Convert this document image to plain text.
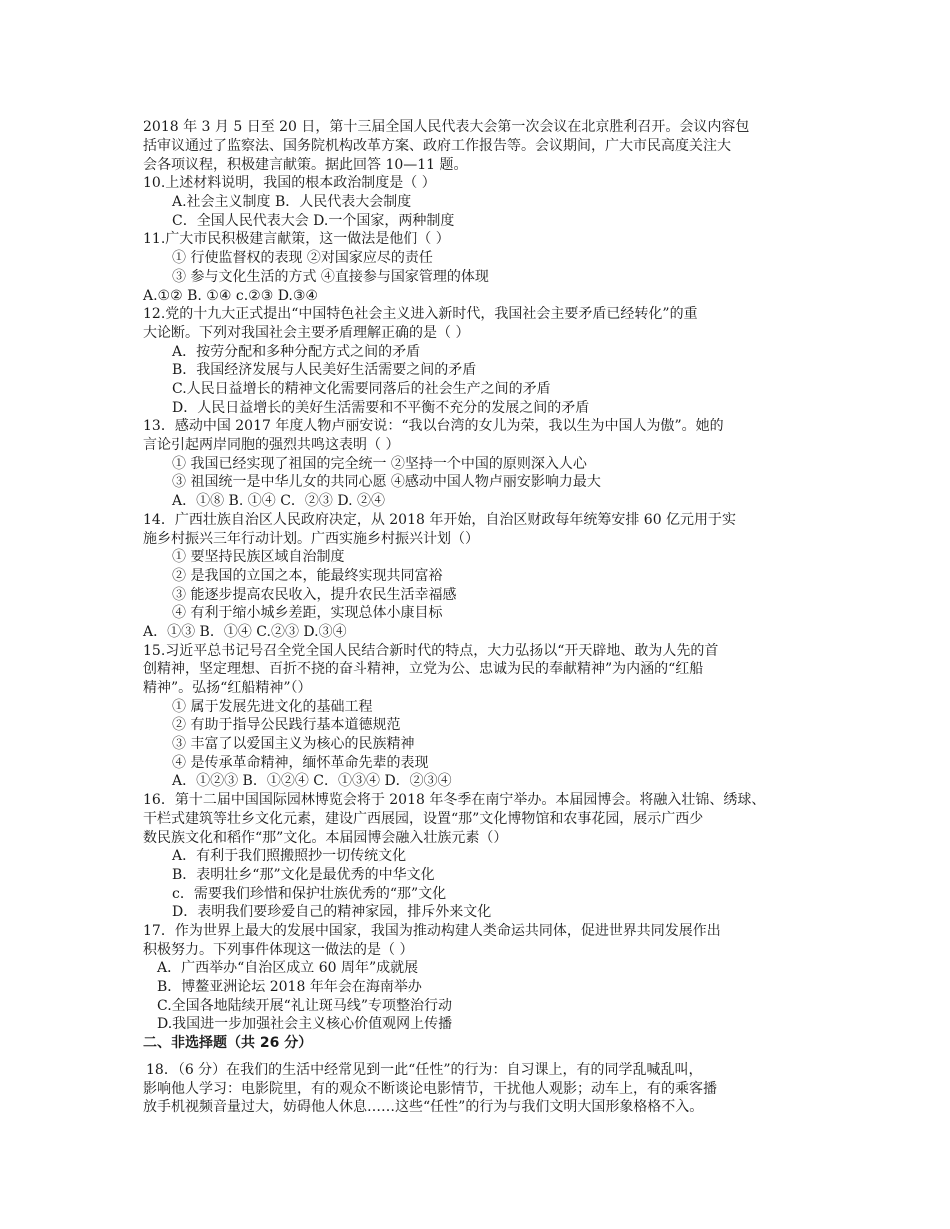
2018 年 3 月 5 日至 20 日，第十三届全国人民代表大会第一次会议在北京胜利召开。会议内容包
括审议通过了监察法、国务院机构改革方案、政府工作报告等。会议期间，广大市民高度关注大
会各项议程，积极建言献策。据此回答 10—11 题。
10.上述材料说明，我国的根本政治制度是（ ）
A.社会主义制度 B．人民代表大会制度
C．全国人民代表大会 D.一个国家，两种制度
11.广大市民积极建言献策，这一做法是他们（ ）
① 行使监督权的表现 ②对国家应尽的责任
③ 参与文化生活的方式 ④直接参与国家管理的体现
A.①② B. ①④ c.②③ D.③④
12.党的十九大正式提出“中国特色社会主义进入新时代，我国社会主要矛盾已经转化”的重
大论断。下列对我国社会主要矛盾理解正确的是（ ）
A．按劳分配和多种分配方式之间的矛盾
B．我国经济发展与人民美好生活需要之间的矛盾
C.人民日益增长的精神文化需要同落后的社会生产之间的矛盾
D．人民日益增长的美好生活需要和不平衡不充分的发展之间的矛盾
13．感动中国 2017 年度人物卢丽安说：“我以台湾的女儿为荣，我以生为中国人为傲”。她的
言论引起两岸同胞的强烈共鸣这表明（ ）
① 我国已经实现了祖国的完全统一 ②坚持一个中国的原则深入人心
③ 祖国统一是中华儿女的共同心愿 ④感动中国人物卢丽安影响力最大
A．①⑧ B. ①④ C．②③ D. ②④
14．广西壮族自治区人民政府决定，从 2018 年开始，自治区财政每年统筹安排 60 亿元用于实
施乡村振兴三年行动计划。广西实施乡村振兴计划（）
① 要坚持民族区域自治制度
② 是我国的立国之本，能最终实现共同富裕
③ 能逐步提高农民收入，提升农民生活幸福感
④ 有利于缩小城乡差距，实现总体小康目标
A．①③ B．①④ C.②③ D.③④
15.习近平总书记号召全党全国人民结合新时代的特点，大力弘扬以“开天辟地、敢为人先的首
创精神，坚定理想、百折不挠的奋斗精神，立党为公、忠诚为民的奉献精神”为内涵的“红船
精神”。弘扬“红船精神”（）
① 属于发展先进文化的基础工程
② 有助于指导公民践行基本道德规范
③ 丰富了以爱国主义为核心的民族精神
④ 是传承革命精神，缅怀革命先辈的表现
A．①②③ B．①②④ C．①③④ D．②③④
16．第十二届中国国际园林博览会将于 2018 年冬季在南宁举办。本届园博会。将融入壮锦、绣球、
干栏式建筑等壮乡文化元素，建设广西展园，设置“那”文化博物馆和农事花园，展示广西少
数民族文化和稻作“那”文化。本届园博会融入壮族元素（）
A．有利于我们照搬照抄一切传统文化
B．表明壮乡“那”文化是最优秀的中华文化
c．需要我们珍惜和保护壮族优秀的“那”文化
D．表明我们要珍爱自己的精神家园，排斥外来文化
17．作为世界上最大的发展中国家，我国为推动构建人类命运共同体，促进世界共同发展作出
积极努力。下列事件体现这一做法的是（ ）
A．广西举办“自治区成立 60 周年”成就展
B．博鳌亚洲论坛 2018 年年会在海南举办
C.全国各地陆续开展“礼让斑马线”专项整治行动
D.我国进一步加强社会主义核心价值观网上传播
二、非选择题（共 26 分）
18．（6 分）在我们的生活中经常见到一此“任性”的行为：自习课上，有的同学乱喊乱叫，
影响他人学习：电影院里，有的观众不断谈论电影情节，干扰他人观影；动车上，有的乘客播
放手机视频音量过大，妨碍他人休息……这些“任性”的行为与我们文明大国形象格格不入。
